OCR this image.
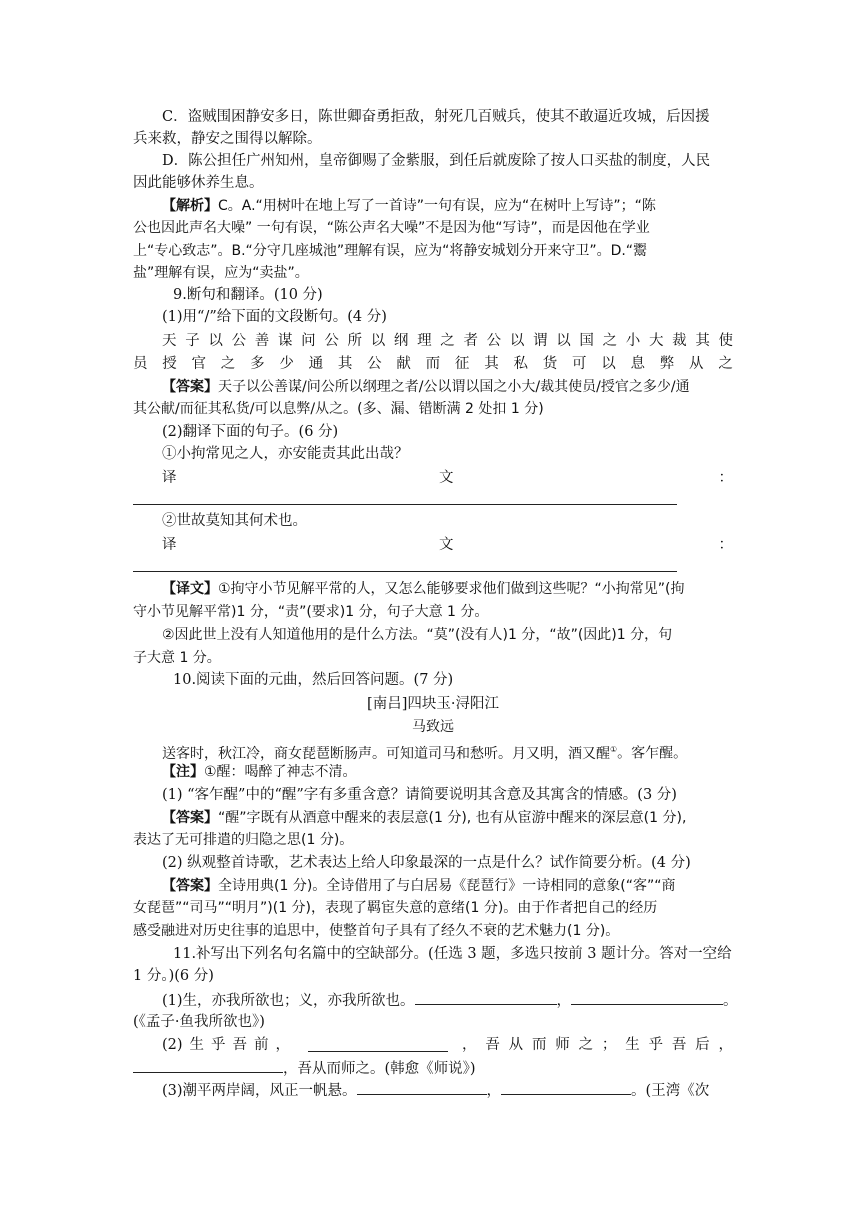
C．盗贼围困静安多日，陈世卿奋勇拒敌，射死几百贼兵，使其不敢逼近攻城，后因援
兵来救，静安之围得以解除。
D．陈公担任广州知州，皇帝御赐了金紫服，到任后就废除了按人口买盐的制度，人民
因此能够休养生息。
【解析】C。A.“用树叶在地上写了一首诗”一句有误，应为“在树叶上写诗”；“陈
公也因此声名大噪” 一句有误，“陈公声名大噪”不是因为他“写诗”，而是因他在学业
上“专心致志”。B.“分守几座城池”理解有误，应为“将静安城划分开来守卫”。D.“鬻
盐”理解有误，应为“卖盐”。
9.断句和翻译。(10 分)
(1)用“/”给下面的文段断句。(4 分)
天 子 以 公 善 谋 问 公 所 以 纲 理 之 者 公 以 谓 以 国 之 小 大 裁 其 使
员 授 官 之 多 少 通 其 公 献 而 征 其 私 货 可 以 息 弊 从 之
【答案】天子以公善谋/问公所以纲理之者/公以谓以国之小大/裁其使员/授官之多少/通
其公献/而征其私货/可以息弊/从之。(多、漏、错断满 2 处扣 1 分)
(2)翻译下面的句子。(6 分)
①小拘常见之人，亦安能责其此出哉？
译	文	：
②世故莫知其何术也。
译	文	：
【译文】①拘守小节见解平常的人，又怎么能够要求他们做到这些呢？“小拘常见”(拘
守小节见解平常)1 分，“责”(要求)1 分，句子大意 1 分。
②因此世上没有人知道他用的是什么方法。“莫”(没有人)1 分，“故”(因此)1 分，句
子大意 1 分。
10.阅读下面的元曲，然后回答问题。(7 分)
[南吕]四块玉·浔阳江
马致远
送客时，秋江冷，商女琵琶断肠声。可知道司马和愁听。月又明，酒又醒①。客乍醒。
【注】①醒：喝醉了神志不清。
(1) “客乍醒”中的“醒”字有多重含意？请简要说明其含意及其寓含的情感。(3 分)
【答案】“醒”字既有从酒意中醒来的表层意(1 分), 也有从宦游中醒来的深层意(1 分),
表达了无可排遣的归隐之思(1 分)。
(2) 纵观整首诗歌，艺术表达上给人印象最深的一点是什么？试作简要分析。(4 分)
【答案】全诗用典(1 分)。全诗借用了与白居易《琵琶行》一诗相同的意象(“客”“商
女琵琶”“司马”“明月”)(1 分)，表现了羁宦失意的意绪(1 分)。由于作者把自己的经历
感受融进对历史往事的追思中，使整首句子具有了经久不衰的艺术魅力(1 分)。
11.补写出下列名句名篇中的空缺部分。(任选 3 题，多选只按前 3 题计分。答对一空给
1 分。)(6 分)
(1)生，亦我所欲也；义，亦我所欲也。	，	。
(《孟子·鱼我所欲也》)
(2) 生 乎 吾 前 ，	， 吾 从 而 师 之 ； 生 乎 吾 后 ，
，吾从而师之。(韩愈《师说》)
(3)潮平两岸阔，风正一帆悬。	，	。(王湾《次
